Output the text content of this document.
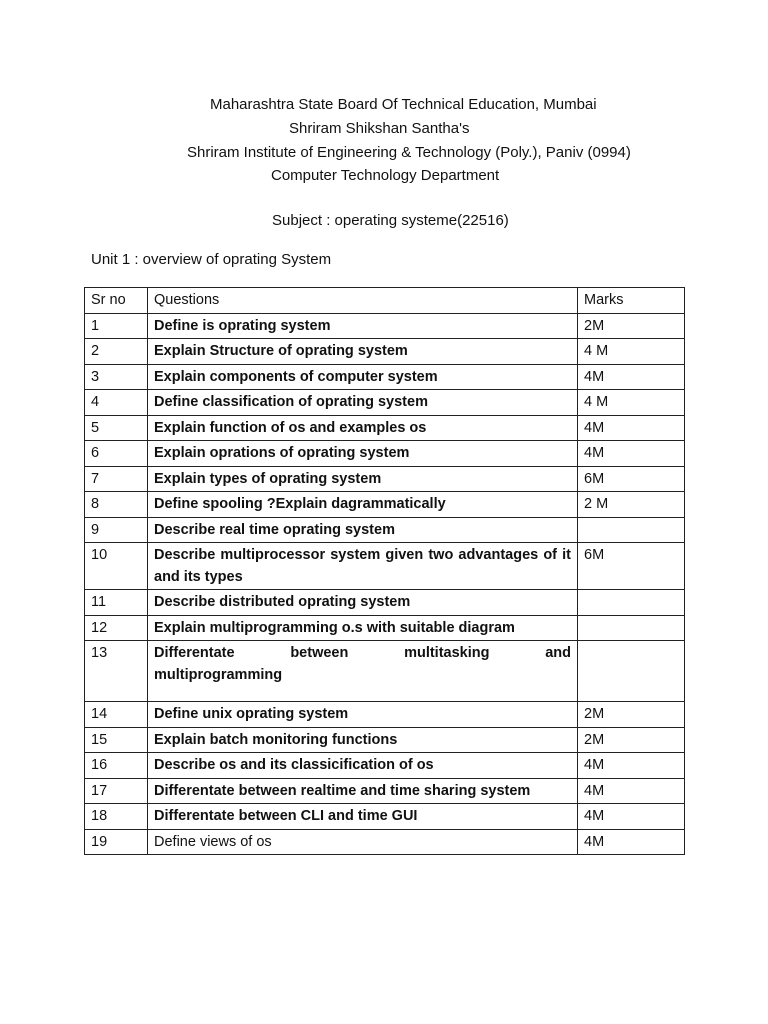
Maharashtra State Board Of Technical Education, Mumbai
Shriram Shikshan Santha's
Shriram Institute of Engineering & Technology (Poly.), Paniv (0994)
Computer Technology Department
Subject : operating systeme(22516)
Unit 1 : overview of oprating System
Sr no	Questions	Marks
1	Define is oprating system	2M
2	Explain Structure of oprating system	4 M
3	Explain components of computer system	4M
4	Define classification of oprating system	4 M
5	Explain function of os and examples os	4M
6	Explain oprations of oprating system	4M
7	Explain types of oprating system	6M
8	Define spooling ?Explain dagrammatically	2 M
9	Describe real time oprating system	
10	Describe multiprocessor system given two advantages of it and its types	6M
11	Describe distributed oprating system	
12	Explain multiprogramming o.s with suitable diagram	
13	Differentate between multitasking and
multiprogramming	

14	Define unix oprating system	2M
15	Explain batch monitoring functions	2M
16	Describe os and its classicification of os	4M
17	Differentate between realtime and time sharing system	4M
18	Differentate between CLI and time GUI	4M
19	Define views of os	4M
